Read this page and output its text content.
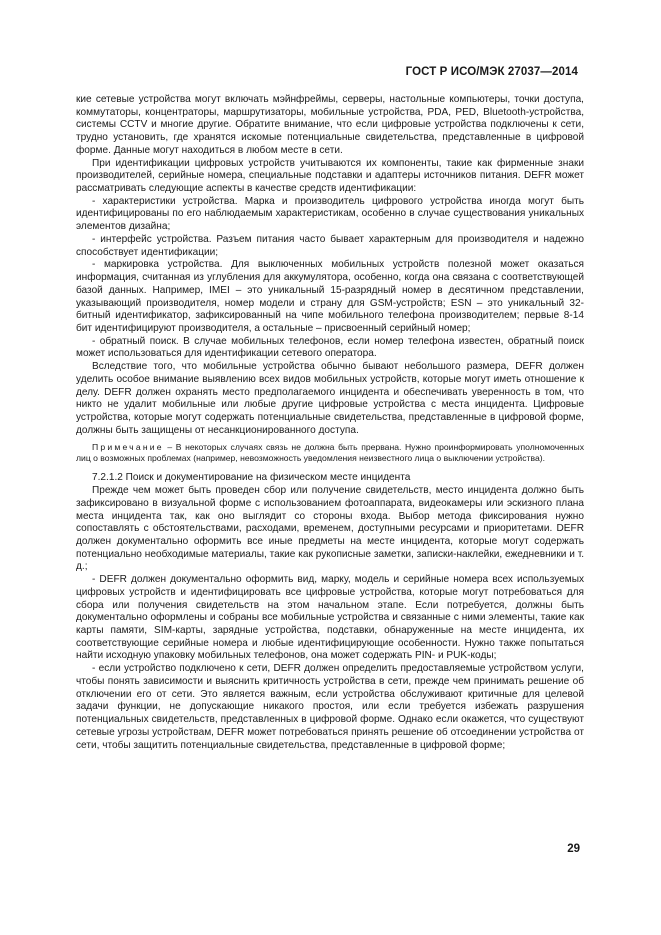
ГОСТ Р ИСО/МЭК 27037—2014

кие сетевые устройства могут включать мэйнфреймы, серверы, настольные компьютеры, точки доступа, коммутаторы, концентраторы, маршрутизаторы, мобильные устройства, PDA, PED, Bluetooth-устройства, системы CCTV и многие другие. Обратите внимание, что если цифровые устройства подключены к сети, трудно установить, где хранятся искомые потенциальные свидетельства, представленные в цифровой форме. Данные могут находиться в любом месте в сети.

При идентификации цифровых устройств учитываются их компоненты, такие как фирменные знаки производителей, серийные номера, специальные подставки и адаптеры источников питания. DEFR может рассматривать следующие аспекты в качестве средств идентификации:

- характеристики устройства. Марка и производитель цифрового устройства иногда могут быть идентифицированы по его наблюдаемым характеристикам, особенно в случае существования уникальных элементов дизайна;

- интерфейс устройства. Разъем питания часто бывает характерным для производителя и надежно способствует идентификации;

- маркировка устройства. Для выключенных мобильных устройств полезной может оказаться информация, считанная из углубления для аккумулятора, особенно, когда она связана с соответствующей базой данных. Например, IMEI – это уникальный 15-разрядный номер в десятичном представлении, указывающий производителя, номер модели и страну для GSM-устройств; ESN – это уникальный 32-битный идентификатор, зафиксированный на чипе мобильного телефона производителем; первые 8-14 бит идентифицируют производителя, а остальные – присвоенный серийный номер;

- обратный поиск. В случае мобильных телефонов, если номер телефона известен, обратный поиск может использоваться для идентификации сетевого оператора.

Вследствие того, что мобильные устройства обычно бывают небольшого размера, DEFR должен уделить особое внимание выявлению всех видов мобильных устройств, которые могут иметь отношение к делу. DEFR должен охранять место предполагаемого инцидента и обеспечивать уверенность в том, что никто не удалит мобильные или любые другие цифровые устройства с места инцидента. Цифровые устройства, которые могут содержать потенциальные свидетельства, представленные в цифровой форме, должны быть защищены от несанкционированного доступа.

Примечание – В некоторых случаях связь не должна быть прервана. Нужно проинформировать уполномоченных лиц о возможных проблемах (например, невозможность уведомления неизвестного лица о выключении устройства).

7.2.1.2 Поиск и документирование на физическом месте инцидента

Прежде чем может быть проведен сбор или получение свидетельств, место инцидента должно быть зафиксировано в визуальной форме с использованием фотоаппарата, видеокамеры или эскизного плана места инцидента так, как оно выглядит со стороны входа. Выбор метода фиксирования нужно сопоставлять с обстоятельствами, расходами, временем, доступными ресурсами и приоритетами. DEFR должен документально оформить все иные предметы на месте инцидента, которые могут содержать потенциально необходимые материалы, такие как рукописные заметки, записки-наклейки, ежедневники и т. д.;

- DEFR должен документально оформить вид, марку, модель и серийные номера всех используемых цифровых устройств и идентифицировать все цифровые устройства, которые могут потребоваться для сбора или получения свидетельств на этом начальном этапе. Если потребуется, должны быть документально оформлены и собраны все мобильные устройства и связанные с ними элементы, такие как карты памяти, SIM-карты, зарядные устройства, подставки, обнаруженные на месте инцидента, их соответствующие серийные номера и любые идентифицирующие особенности. Нужно также попытаться найти исходную упаковку мобильных телефонов, она может содержать PIN- и PUK-коды;

- если устройство подключено к сети, DEFR должен определить предоставляемые устройством услуги, чтобы понять зависимости и выяснить критичность устройства в сети, прежде чем принимать решение об отключении его от сети. Это является важным, если устройства обслуживают критичные для целевой задачи функции, не допускающие никакого простоя, или если требуется избежать разрушения потенциальных свидетельств, представленных в цифровой форме. Однако если окажется, что существуют сетевые угрозы устройствам, DEFR может потребоваться принять решение об отсоединении устройства от сети, чтобы защитить потенциальные свидетельства, представленные в цифровой форме;

29
